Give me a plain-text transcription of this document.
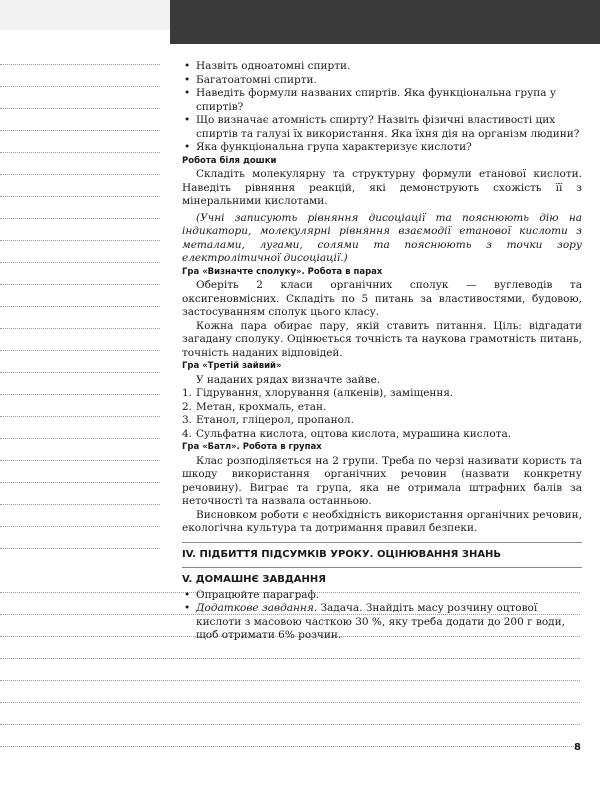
• Назвіть одноатомні спирти.

• Багатоатомні спирти.

• Наведіть формули названих спиртів. Яка функціональна група у спиртів?

• Що визначає атомність спирту? Назвіть фізичні властивості цих спиртів та галузі їх використання. Яка їхня дія на організм людини?

• Яка функціональна група характеризує кислоти?

Робота біля дошки

Складіть молекулярну та структурну формули етанової кислоти. Наведіть рівняння реакцій, які демонструють схожість її з мінеральними кислотами.

(Учні записують рівняння дисоціації та пояснюють дію на індикатори, молекулярні рівняння взаємодії етанової кислоти з металами, лугами, солями та пояснюють з точки зору електролітичної дисоціації.)

Гра «Визначте сполуку». Робота в парах

Оберіть 2 класи органічних сполук — вуглеводів та оксигеновмісних. Складіть по 5 питань за властивостями, будовою, застосуванням сполук цього класу.

Кожна пара обирає пару, якій ставить питання. Ціль: відгадати загадану сполуку. Оцінюється точність та наукова грамотність питань, точність наданих відповідей.

Гра «Третій зайвий»

У наданих рядах визначте зайве.

1. Гідрування, хлорування (алкенів), заміщення.

2. Метан, крохмаль, етан.

3. Етанол, гліцерол, пропанол.

4. Сульфатна кислота, оцтова кислота, мурашина кислота.

Гра «Батл». Робота в групах

Клас розподіляється на 2 групи. Треба по черзі називати користь та шкоду використання органічних речовин (назвати конкретну речовину). Виграє та група, яка не отримала штрафних балів за неточності та назвала останньою.

Висновком роботи є необхідність використання органічних речовин, екологічна культура та дотримання правил безпеки.

IV. ПІДБИТТЯ ПІДСУМКІВ УРОКУ. ОЦІНЮВАННЯ ЗНАНЬ

V. ДОМАШНЄ ЗАВДАННЯ

• Опрацюйте параграф.

• Додаткове завдання. Задача. Знайдіть масу розчину оцтової кислоти з масовою часткою 30 %, яку треба додати до 200 г води, щоб отримати 6% розчин.

8
